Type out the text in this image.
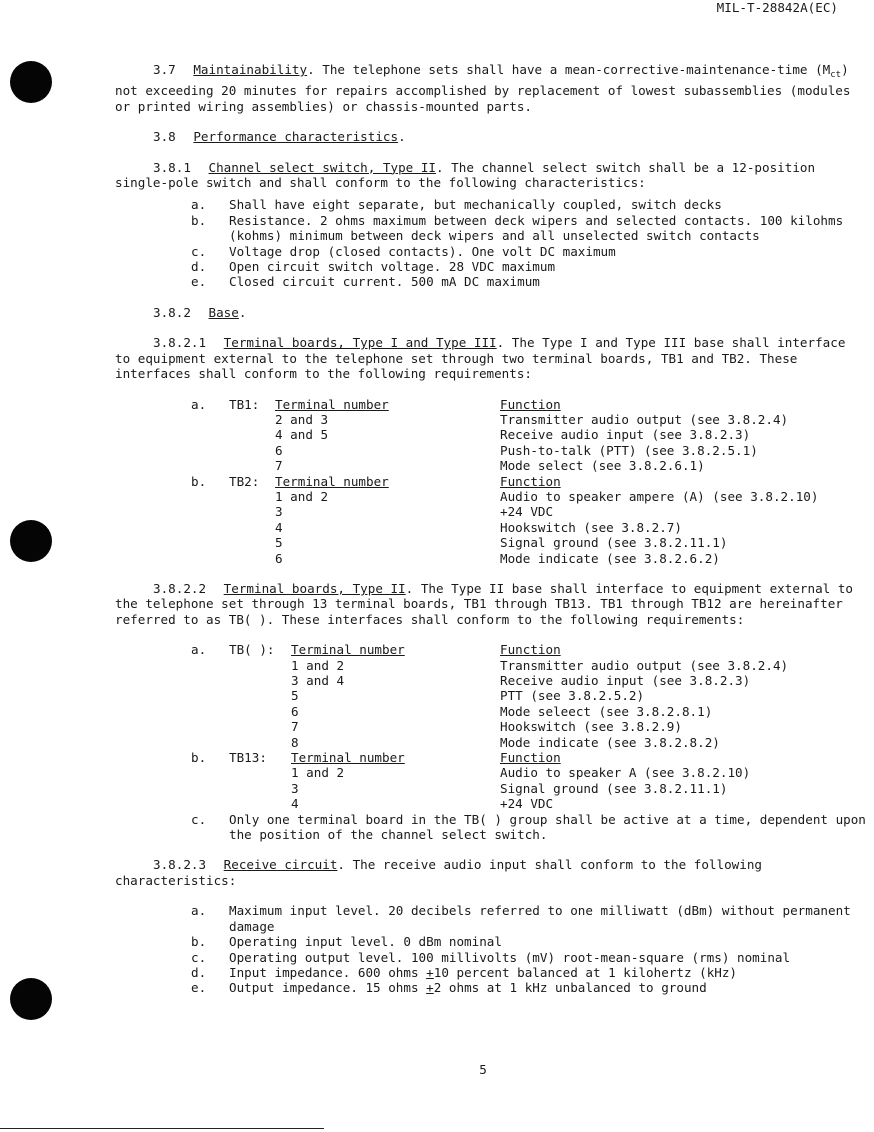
MIL-T-28842A(EC)

3.7 Maintainability. The telephone sets shall have a mean-corrective-maintenance-time $(M_{ct})$ not exceeding 20 minutes for repairs accomplished by replacement of lowest subassemblies (modules or printed wiring assemblies) or chassis-mounted parts.

3.8 Performance characteristics.

3.8.1 Channel select switch, Type II. The channel select switch shall be a 12-position single-pole switch and shall conform to the following characteristics:

a.	Shall have eight separate, but mechanically coupled, switch decks
b.	Resistance. 2 ohms maximum between deck wipers and selected contacts. 100 kilohms (kohms) minimum between deck wipers and all unselected switch contacts
c.	Voltage drop (closed contacts). One volt DC maximum
d.	Open circuit switch voltage. 28 VDC maximum
e.	Closed circuit current. 500 mA DC maximum

3.8.2 Base.

3.8.2.1 Terminal boards, Type I and Type III. The Type I and Type III base shall interface to equipment external to the telephone set through two terminal boards, TB1 and TB2. These interfaces shall conform to the following requirements:

a.	TB1:	Terminal number	Function
2 and 3	Transmitter audio output (see 3.8.2.4)
4 and 5	Receive audio input (see 3.8.2.3)
6	Push-to-talk (PTT) (see 3.8.2.5.1)
7	Mode select (see 3.8.2.6.1)
b.	TB2:	Terminal number	Function
1 and 2	Audio to speaker ampere (A) (see 3.8.2.10)
3	+24 VDC
4	Hookswitch (see 3.8.2.7)
5	Signal ground (see 3.8.2.11.1)
6	Mode indicate (see 3.8.2.6.2)

3.8.2.2 Terminal boards, Type II. The Type II base shall interface to equipment external to the telephone set through 13 terminal boards, TB1 through TB13. TB1 through TB12 are hereinafter referred to as TB( ). These interfaces shall conform to the following requirements:

a.	TB( ):	Terminal number	Function
1 and 2	Transmitter audio output (see 3.8.2.4)
3 and 4	Receive audio input (see 3.8.2.3)
5	PTT (see 3.8.2.5.2)
6	Mode seleect (see 3.8.2.8.1)
7	Hookswitch (see 3.8.2.9)
8	Mode indicate (see 3.8.2.8.2)
b.	TB13:	Terminal number	Function
1 and 2	Audio to speaker A (see 3.8.2.10)
3	Signal ground (see 3.8.2.11.1)
4	+24 VDC
c.	Only one terminal board in the TB( ) group shall be active at a time, dependent upon the position of the channel select switch.

3.8.2.3 Receive circuit. The receive audio input shall conform to the following characteristics:

a.	Maximum input level. 20 decibels referred to one milliwatt (dBm) without permanent damage
b.	Operating input level. 0 dBm nominal
c.	Operating output level. 100 millivolts (mV) root-mean-square (rms) nominal
d.	Input impedance. 600 ohms +10 percent balanced at 1 kilohertz (kHz)
e.	Output impedance. 15 ohms +2 ohms at 1 kHz unbalanced to ground
5
